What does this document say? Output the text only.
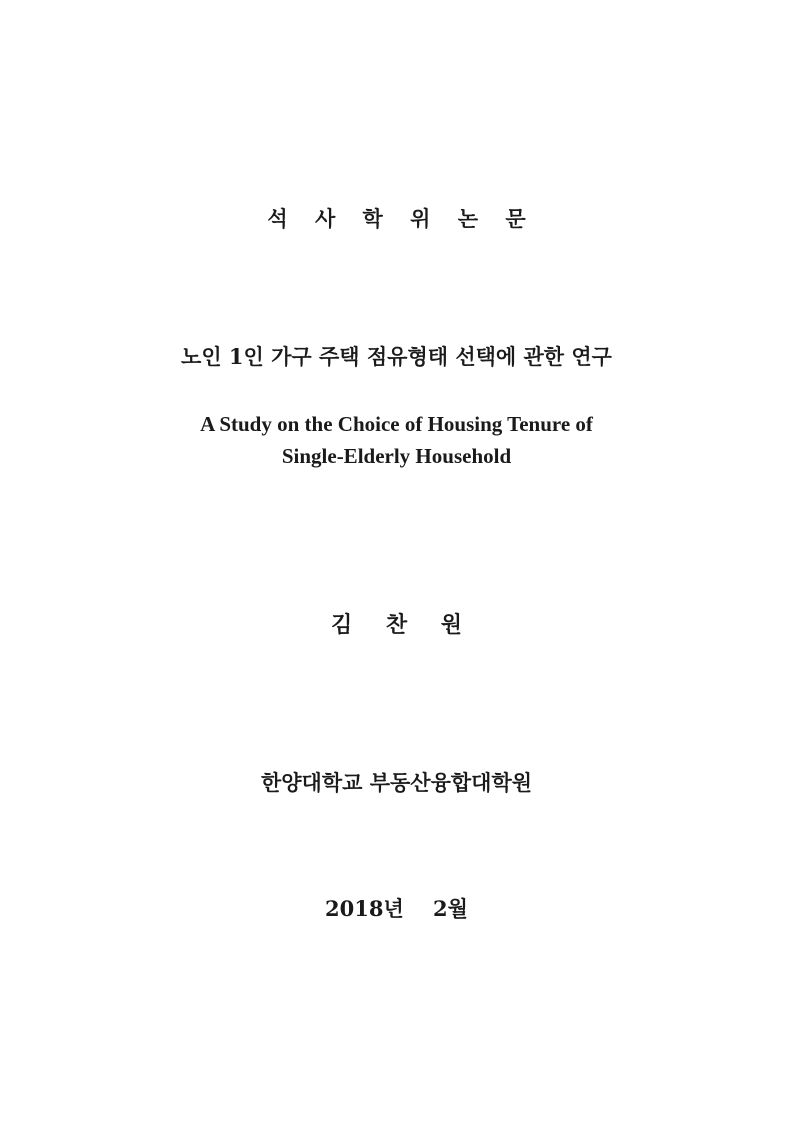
석 사 학 위 논 문
노인 1인 가구 주택 점유형태 선택에 관한 연구
A Study on the Choice of Housing Tenure of
Single-Elderly Household
김 찬 원
한양대학교 부동산융합대학원
2018년 2월
